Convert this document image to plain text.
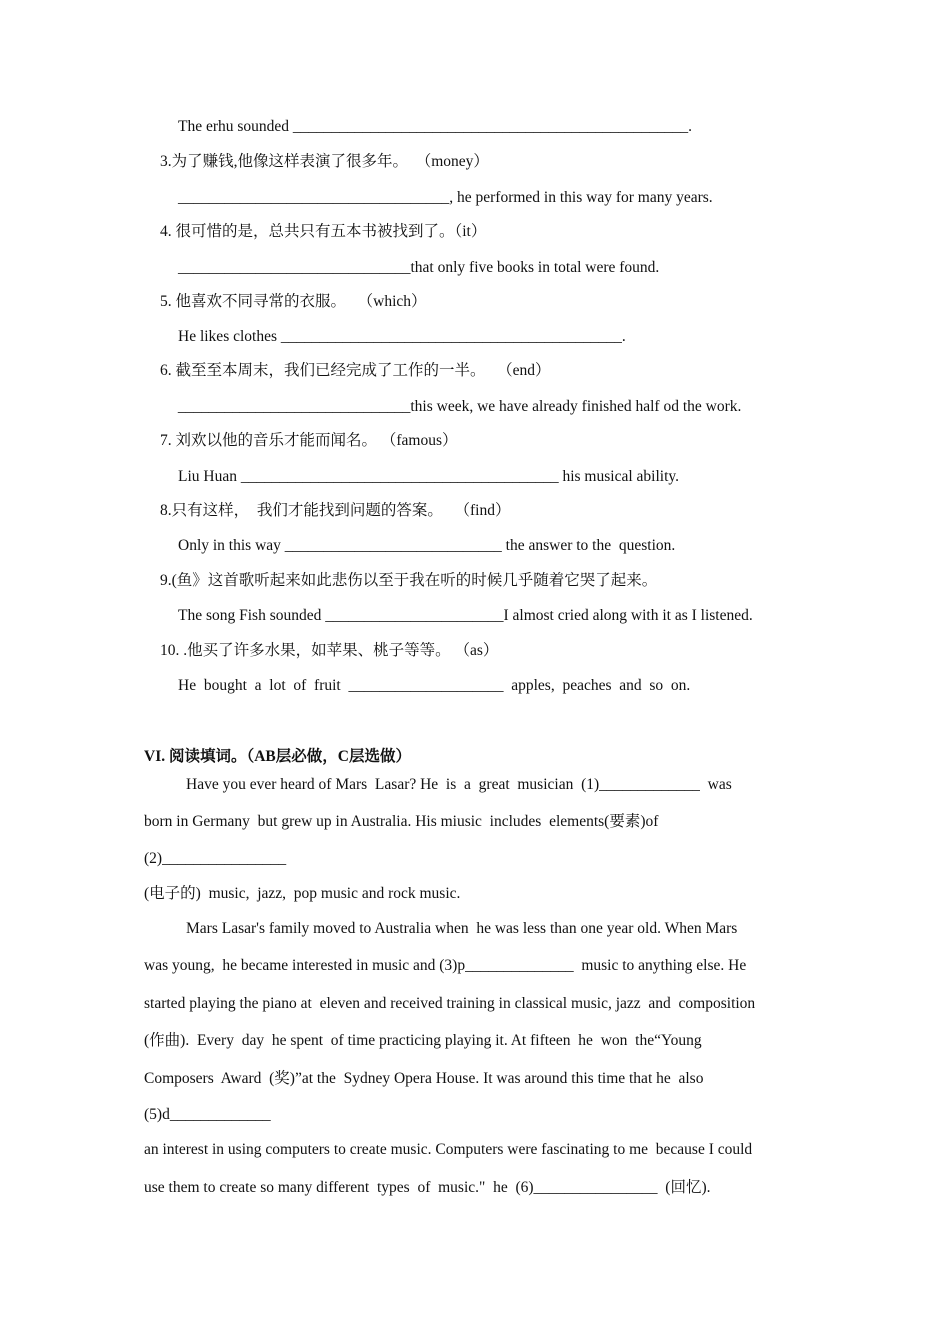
The erhu sounded ___________________________________________________.
3.为了赚钱,他像这样表演了很多年。  （money）
___________________________________, he performed in this way for many years.
4. 很可惜的是，总共只有五本书被找到了。（it）
______________________________that only five books in total were found.
5. 他喜欢不同寻常的衣服。   （which）
He likes clothes ____________________________________________.
6. 截至至本周末，我们已经完成了工作的一半。   （end）
______________________________this week, we have already finished half od the work.
7. 刘欢以他的音乐才能而闻名。 （famous）
Liu Huan _________________________________________ his musical ability.
8.只有这样，  我们才能找到问题的答案。   （find）
Only in this way ____________________________ the answer to the  question.
9.(鱼》这首歌听起来如此悲伤以至于我在听的时候几乎随着它哭了起来。
The song Fish sounded _______________________I almost cried along with it as I listened.
10. .他买了许多水果，如苹果、桃子等等。 （as）
He  bought  a  lot  of  fruit  ____________________  apples,  peaches  and  so  on.
VI. 阅读填词。（AB层必做，C层选做）
Have you ever heard of Mars  Lasar? He  is  a  great  musician  (1)_____________  was
born in Germany  but grew up in Australia. His miusic  includes  elements(要素)of
(2)________________
(电子的)  music,  jazz,  pop music and rock music.
Mars Lasar's family moved to Australia when  he was less than one year old. When Mars
was young,  he became interested in music and (3)p______________  music to anything else. He
started playing the piano at  eleven and received training in classical music, jazz  and  composition
(作曲).  Every  day  he spent  of time practicing playing it. At fifteen  he  won  the“Young
Composers  Award  (奖)”at the  Sydney Opera House. It was around this time that he  also
(5)d_____________
an interest in using computers to create music. Computers were fascinating to me  because I could
use them to create so many different  types  of  music."  he  (6)________________  (回忆).
